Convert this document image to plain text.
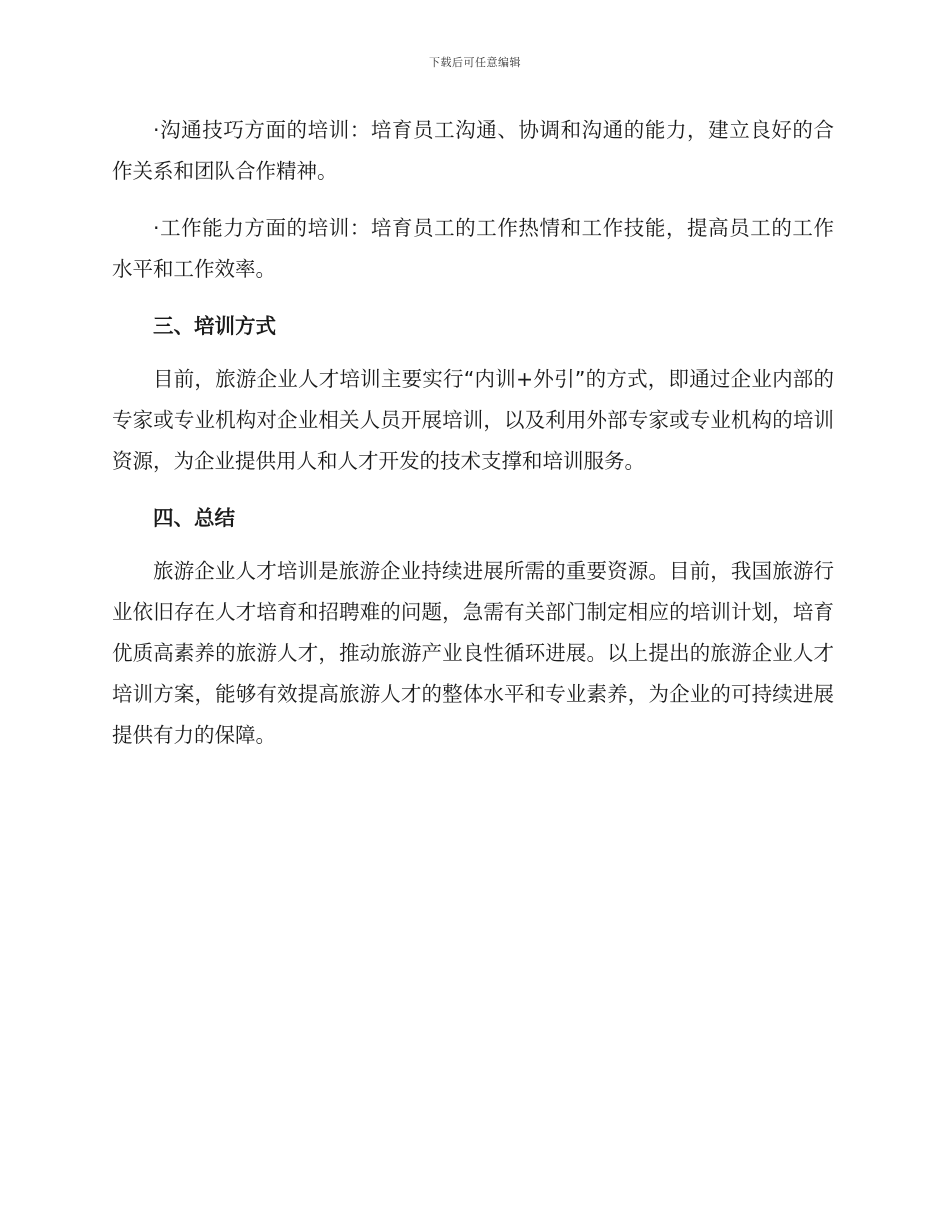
下载后可任意编辑

·沟通技巧方面的培训：培育员工沟通、协调和沟通的能力，建立良好的合作关系和团队合作精神。

·工作能力方面的培训：培育员工的工作热情和工作技能，提高员工的工作水平和工作效率。

三、培训方式

目前，旅游企业人才培训主要实行“内训+外引”的方式，即通过企业内部的专家或专业机构对企业相关人员开展培训，以及利用外部专家或专业机构的培训资源，为企业提供用人和人才开发的技术支撑和培训服务。

四、总结

旅游企业人才培训是旅游企业持续进展所需的重要资源。目前，我国旅游行业依旧存在人才培育和招聘难的问题，急需有关部门制定相应的培训计划，培育优质高素养的旅游人才，推动旅游产业良性循环进展。以上提出的旅游企业人才培训方案，能够有效提高旅游人才的整体水平和专业素养，为企业的可持续进展提供有力的保障。
